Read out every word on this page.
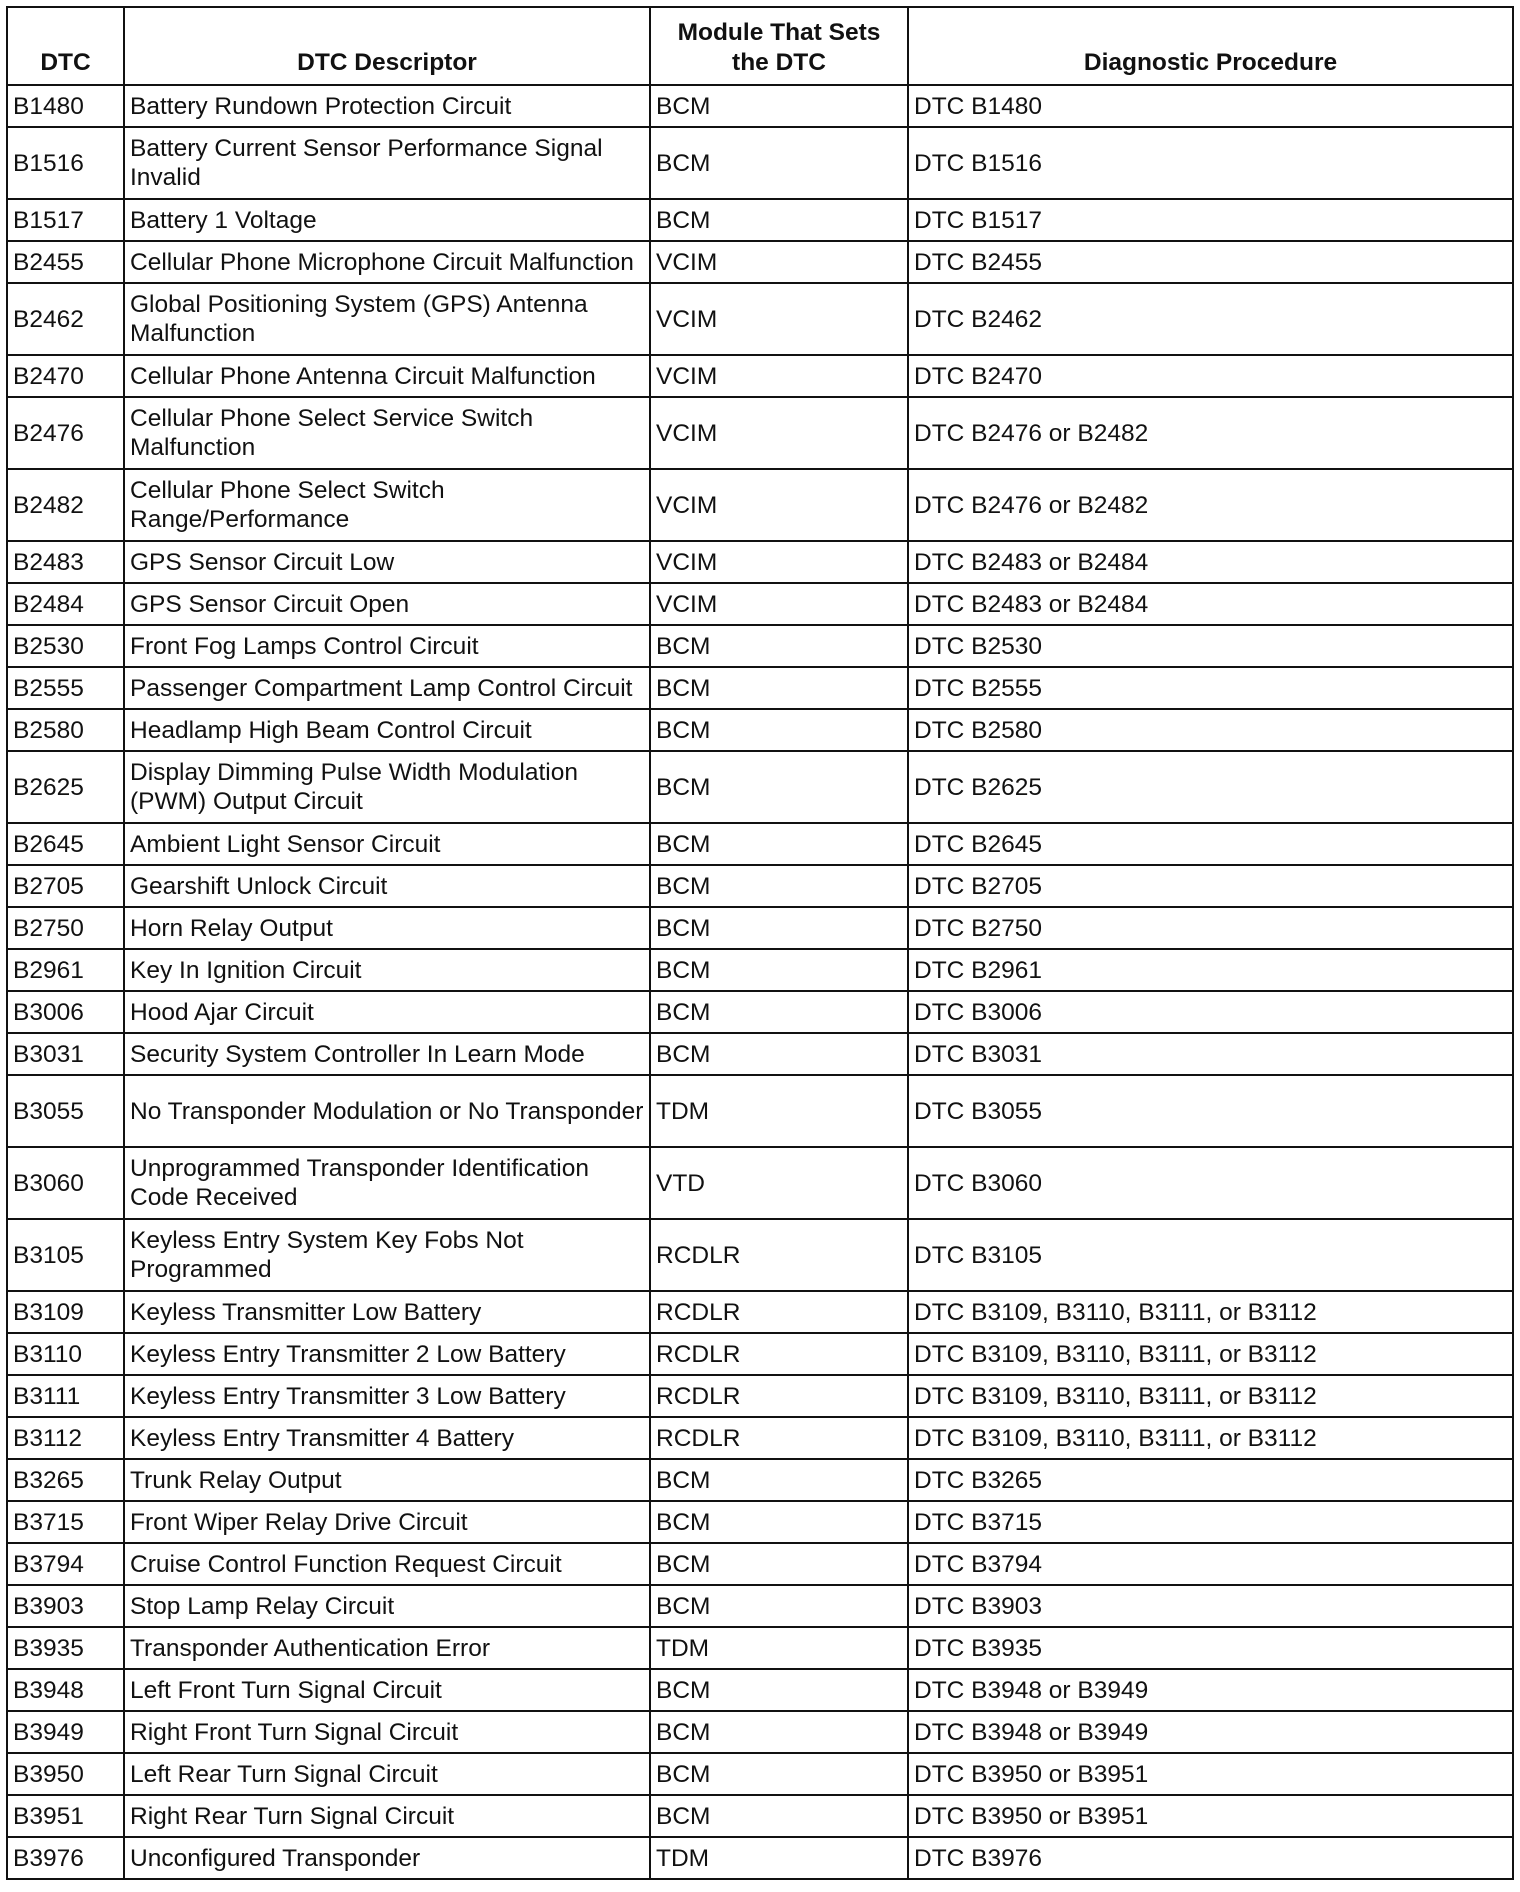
DTC	DTC Descriptor	Module That Sets the DTC	Diagnostic Procedure
B1480	Battery Rundown Protection Circuit	BCM	DTC B1480
B1516	Battery Current Sensor Performance Signal Invalid	BCM	DTC B1516
B1517	Battery 1 Voltage	BCM	DTC B1517
B2455	Cellular Phone Microphone Circuit Malfunction	VCIM	DTC B2455
B2462	Global Positioning System (GPS) Antenna Malfunction	VCIM	DTC B2462
B2470	Cellular Phone Antenna Circuit Malfunction	VCIM	DTC B2470
B2476	Cellular Phone Select Service Switch Malfunction	VCIM	DTC B2476 or B2482
B2482	Cellular Phone Select Switch Range/Performance	VCIM	DTC B2476 or B2482
B2483	GPS Sensor Circuit Low	VCIM	DTC B2483 or B2484
B2484	GPS Sensor Circuit Open	VCIM	DTC B2483 or B2484
B2530	Front Fog Lamps Control Circuit	BCM	DTC B2530
B2555	Passenger Compartment Lamp Control Circuit	BCM	DTC B2555
B2580	Headlamp High Beam Control Circuit	BCM	DTC B2580
B2625	Display Dimming Pulse Width Modulation (PWM) Output Circuit	BCM	DTC B2625
B2645	Ambient Light Sensor Circuit	BCM	DTC B2645
B2705	Gearshift Unlock Circuit	BCM	DTC B2705
B2750	Horn Relay Output	BCM	DTC B2750
B2961	Key In Ignition Circuit	BCM	DTC B2961
B3006	Hood Ajar Circuit	BCM	DTC B3006
B3031	Security System Controller In Learn Mode	BCM	DTC B3031
B3055	No Transponder Modulation or No Transponder	TDM	DTC B3055
B3060	Unprogrammed Transponder Identification Code Received	VTD	DTC B3060
B3105	Keyless Entry System Key Fobs Not Programmed	RCDLR	DTC B3105
B3109	Keyless Transmitter Low Battery	RCDLR	DTC B3109, B3110, B3111, or B3112
B3110	Keyless Entry Transmitter 2 Low Battery	RCDLR	DTC B3109, B3110, B3111, or B3112
B3111	Keyless Entry Transmitter 3 Low Battery	RCDLR	DTC B3109, B3110, B3111, or B3112
B3112	Keyless Entry Transmitter 4 Battery	RCDLR	DTC B3109, B3110, B3111, or B3112
B3265	Trunk Relay Output	BCM	DTC B3265
B3715	Front Wiper Relay Drive Circuit	BCM	DTC B3715
B3794	Cruise Control Function Request Circuit	BCM	DTC B3794
B3903	Stop Lamp Relay Circuit	BCM	DTC B3903
B3935	Transponder Authentication Error	TDM	DTC B3935
B3948	Left Front Turn Signal Circuit	BCM	DTC B3948 or B3949
B3949	Right Front Turn Signal Circuit	BCM	DTC B3948 or B3949
B3950	Left Rear Turn Signal Circuit	BCM	DTC B3950 or B3951
B3951	Right Rear Turn Signal Circuit	BCM	DTC B3950 or B3951
B3976	Unconfigured Transponder	TDM	DTC B3976
